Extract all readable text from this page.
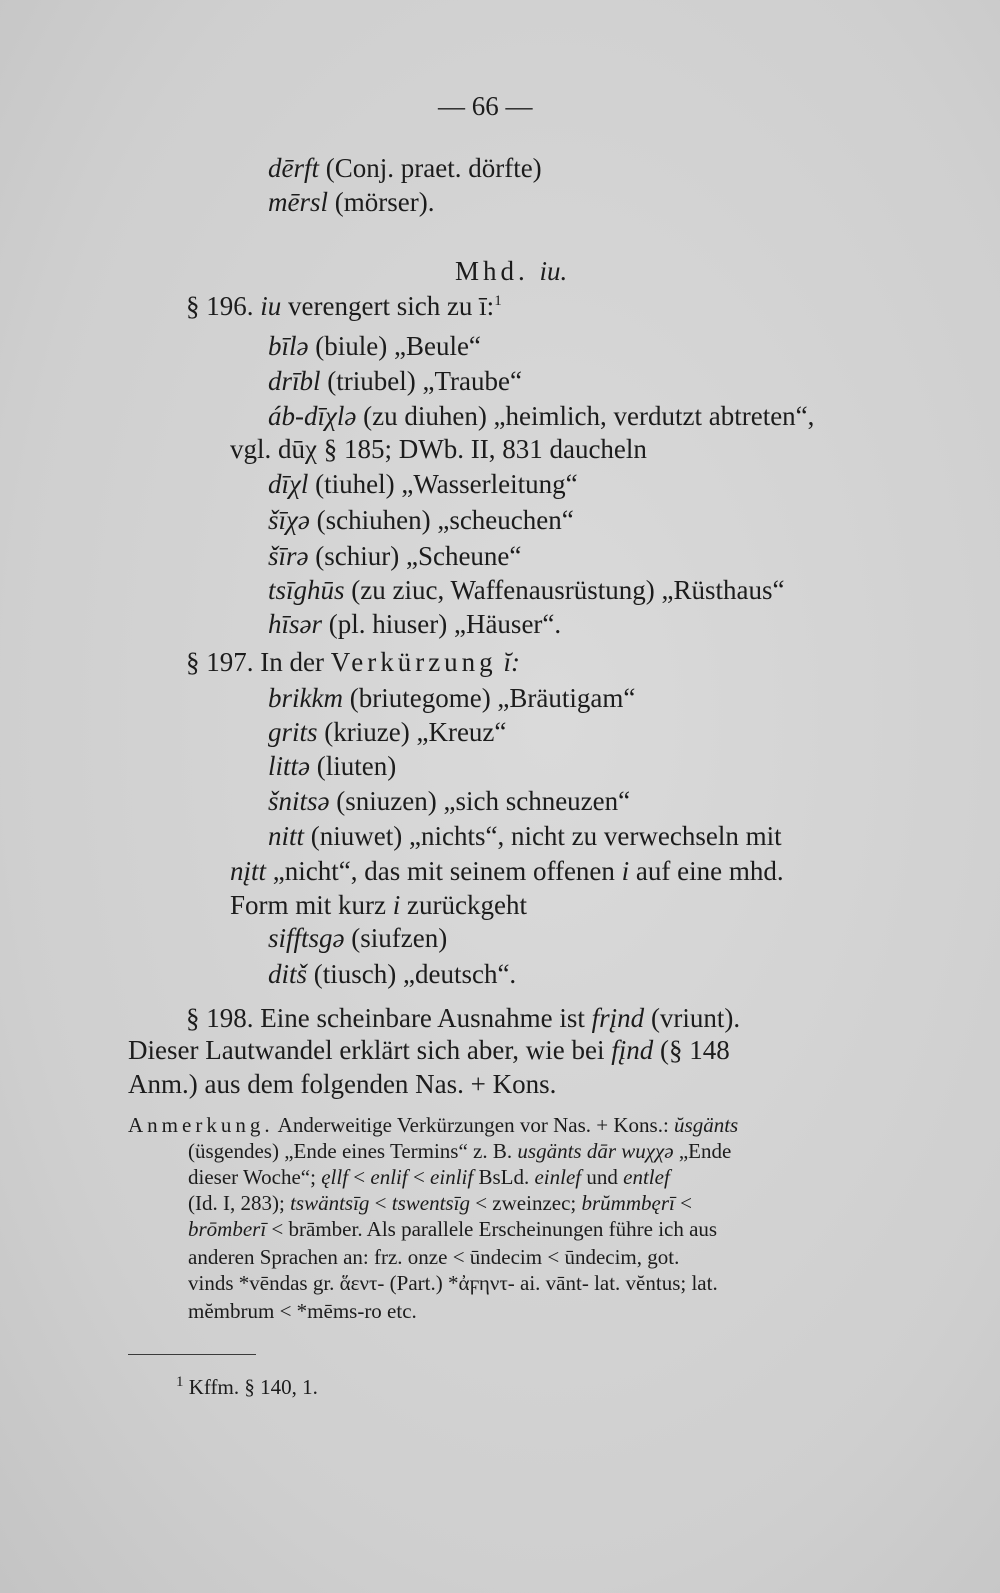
— 66 —
dērft (Conj. praet. dörfte)
mērsl (mörser).
Mhd. iu.
§ 196. iu verengert sich zu ī:$^1$
bīlə (biule) „Beule“
drībl (triubel) „Traube“
áb-dīχlə (zu diuhen) „heimlich, verdutzt abtreten“,
vgl. dūχ § 185; DWb. II, 831 daucheln
dīχl (tiuhel) „Wasserleitung“
šīχə (schiuhen) „scheuchen“
šīrə (schiur) „Scheune“
tsīghūs (zu ziuc, Waffenausrüstung) „Rüsthaus“
hīsər (pl. hiuser) „Häuser“.
§ 197. In der Verkürzung ĭ:
brikkm (briutegome) „Bräutigam“
grits (kriuze) „Kreuz“
littə (liuten)
šnitsə (sniuzen) „sich schneuzen“
nitt (niuwet) „nichts“, nicht zu verwechseln mit
nįtt „nicht“, das mit seinem offenen i auf eine mhd.
Form mit kurz i zurückgeht
sifftsgə (siufzen)
ditš (tiusch) „deutsch“.
§ 198. Eine scheinbare Ausnahme ist frįnd (vriunt).
Dieser Lautwandel erklärt sich aber, wie bei fįnd (§ 148
Anm.) aus dem folgenden Nas. + Kons.
Anmerkung. Anderweitige Verkürzungen vor Nas. + Kons.: ŭsgänts
(üsgendes) „Ende eines Termins“ z. B. usgänts dār wuχχə „Ende
dieser Woche“; ęllf < enlif < einlif BsLd. einlef und entlef
(Id. I, 283); tswäntsīg < tswentsīg < zweinzec; brŭmmbęrī <
brōmberī < brāmber. Als parallele Erscheinungen führe ich aus
anderen Sprachen an: frz. onze < ūndecim < ūndecim, got.
vinds *vēndas gr. ἅεντ- (Part.) *ἀϝηντ- ai. vānt- lat. vĕntus; lat.
mĕmbrum < *mēms-ro etc.
$^1$ Kffm. § 140, 1.
